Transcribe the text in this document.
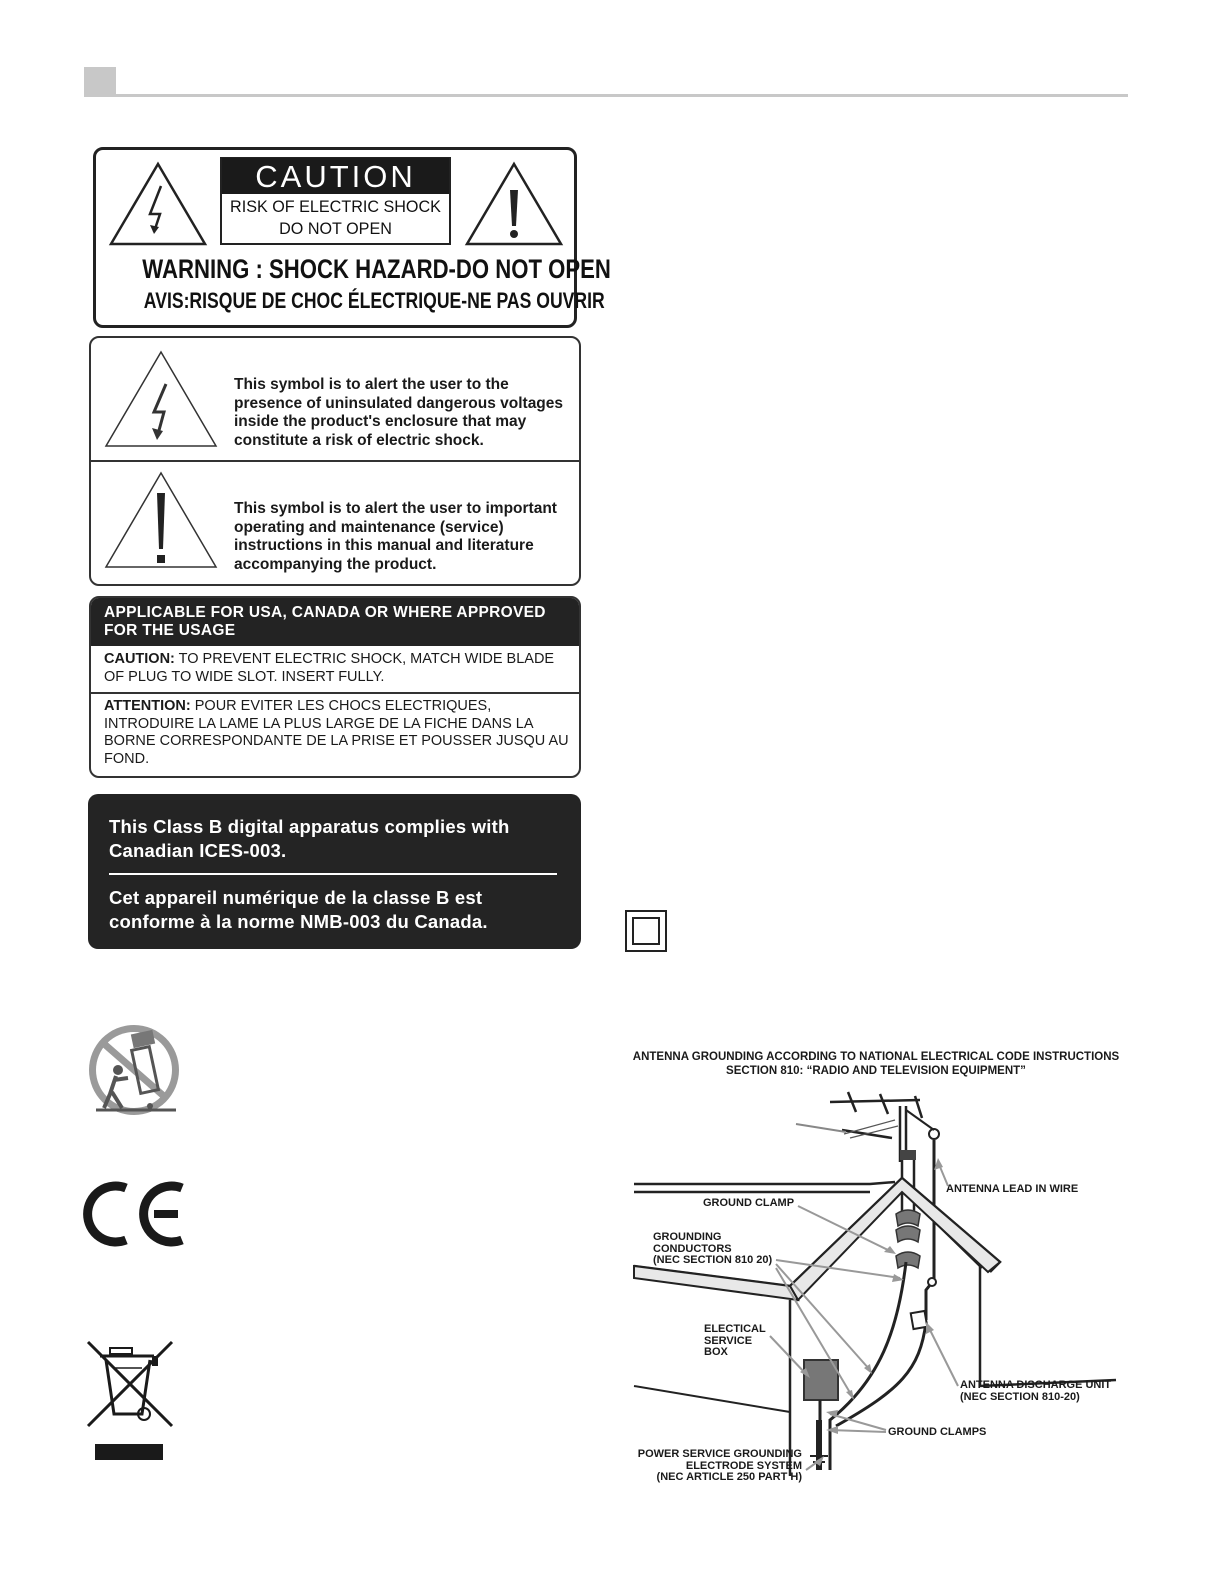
CAUTION
RISK OF ELECTRIC SHOCK
DO NOT OPEN
WARNING : SHOCK HAZARD-DO NOT OPEN
AVIS:RISQUE DE CHOC ÉLECTRIQUE-NE PAS OUVRIR
This symbol is to alert the user to the presence of uninsulated dangerous voltages inside the product's enclosure that may constitute a risk of electric shock.
This symbol is to alert the user to important operating and maintenance (service) instructions in this manual and literature accompanying the product.
APPLICABLE FOR USA, CANADA OR WHERE APPROVED FOR THE USAGE
CAUTION: TO PREVENT ELECTRIC SHOCK, MATCH WIDE BLADE OF PLUG TO WIDE SLOT. INSERT FULLY.
ATTENTION: POUR EVITER LES CHOCS ELECTRIQUES, INTRODUIRE LA LAME LA PLUS LARGE DE LA FICHE DANS LA BORNE CORRESPONDANTE DE LA PRISE ET POUSSER JUSQU AU FOND.
This Class B digital apparatus complies with Canadian ICES-003.
Cet appareil numérique de la classe B est conforme à la norme NMB-003 du Canada.
ANTENNA GROUNDING ACCORDING TO NATIONAL ELECTRICAL CODE INSTRUCTIONS
SECTION 810: “RADIO AND TELEVISION EQUIPMENT”
ANTENNA LEAD IN WIRE
GROUND CLAMP
GROUNDING
CONDUCTORS
(NEC SECTION 810 20)
ELECTICAL
SERVICE
BOX
ANTENNA DISCHARGE UNIT
(NEC SECTION 810-20)
GROUND CLAMPS
POWER SERVICE GROUNDING
ELECTRODE SYSTEM
(NEC ARTICLE 250 PART H)
